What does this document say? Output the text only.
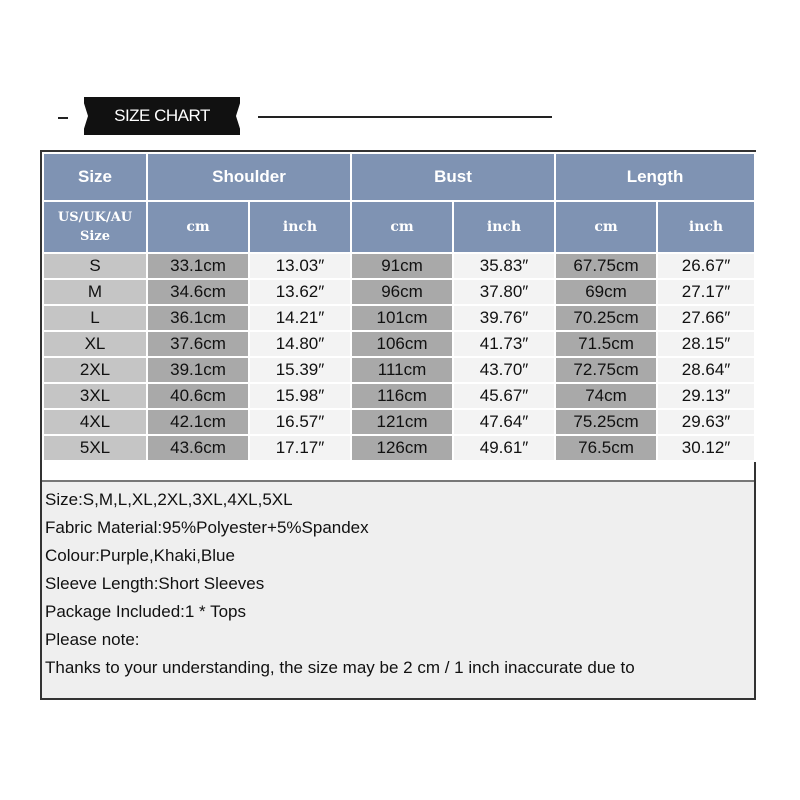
SIZE CHART
Size	Shoulder		Bust		Length	
US/UK/AU
Size	cm	inch	cm	inch	cm	inch
S	33.1cm	13.03″	91cm	35.83″	67.75cm	26.67″
M	34.6cm	13.62″	96cm	37.80″	69cm	27.17″
L	36.1cm	14.21″	101cm	39.76″	70.25cm	27.66″
XL	37.6cm	14.80″	106cm	41.73″	71.5cm	28.15″
2XL	39.1cm	15.39″	111cm	43.70″	72.75cm	28.64″
3XL	40.6cm	15.98″	116cm	45.67″	74cm	29.13″
4XL	42.1cm	16.57″	121cm	47.64″	75.25cm	29.63″
5XL	43.6cm	17.17″	126cm	49.61″	76.5cm	30.12″
Size:S,M,L,XL,2XL,3XL,4XL,5XL
Fabric Material:95%Polyester+5%Spandex
Colour:Purple,Khaki,Blue
Sleeve Length:Short Sleeves
Package Included:1 * Tops
Please note:
Thanks to your understanding, the size may be 2 cm / 1 inch inaccurate due to
